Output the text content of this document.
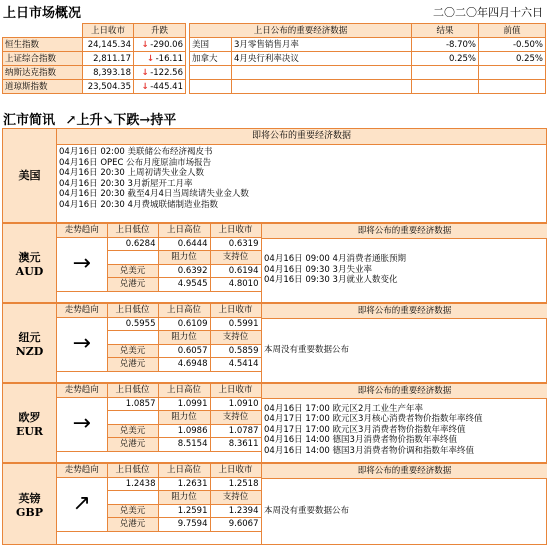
上日市场概况	二〇二〇年四月十六日
	上日收市	升跌
恒生指数	24,145.34	↓-290.06
上证综合指数	2,811.17	↓-16.11
纳斯达克指数	8,393.18	↓-122.56
道琼斯指数	23,504.35	↓-445.41
上日公布的重要经济数据		结果	前值
美国	3月零售销售月率	-8.70%	-0.50%
加拿大	4月央行利率决议	0.25%	0.25%

汇市简讯 ↗上升↘下跌→持平
美国
即将公布的重要经济数据
04月16日 02:00 美联储公布经济褐皮书
04月16日 OPEC 公布月度原油市场报告
04月16日 20:30 上周初请失业金人数
04月16日 20:30 3月新屋开工月率
04月16日 20:30 截至4月4日当周续请失业金人数
04月16日 20:30 4月费城联储制造业指数
澳元
AUD
走势趋向	上日低位	上日高位	上日收市
→	0.6284	0.6444	0.6319
		阻力位	支持位
	兑美元	0.6392	0.6194
	兑港元	4.9545	4.8010
即将公布的重要经济数据
04月16日 09:00 4月消费者通胀预期
04月16日 09:30 3月失业率
04月16日 09:30 3月就业人数变化
纽元
NZD
走势趋向	上日低位	上日高位	上日收市
→	0.5955	0.6109	0.5991
		阻力位	支持位
	兑美元	0.6057	0.5859
	兑港元	4.6948	4.5414
即将公布的重要经济数据
本周没有重要数据公布
欧罗
EUR
走势趋向	上日低位	上日高位	上日收市
→	1.0857	1.0991	1.0910
		阻力位	支持位
	兑美元	1.0986	1.0787
	兑港元	8.5154	8.3611
即将公布的重要经济数据
04月16日 17:00 欧元区2月工业生产年率
04月17日 17:00 欧元区3月核心消费者物价指数年率终值
04月17日 17:00 欧元区3月消费者物价指数年率终值
04月16日 14:00 德国3月消费者物价指数年率终值
04月16日 14:00 德国3月消费者物价调和指数年率终值
英镑
GBP
走势趋向	上日低位	上日高位	上日收市
↗	1.2438	1.2631	1.2518
		阻力位	支持位
	兑美元	1.2591	1.2394
	兑港元	9.7594	9.6067
即将公布的重要经济数据
本周没有重要数据公布
